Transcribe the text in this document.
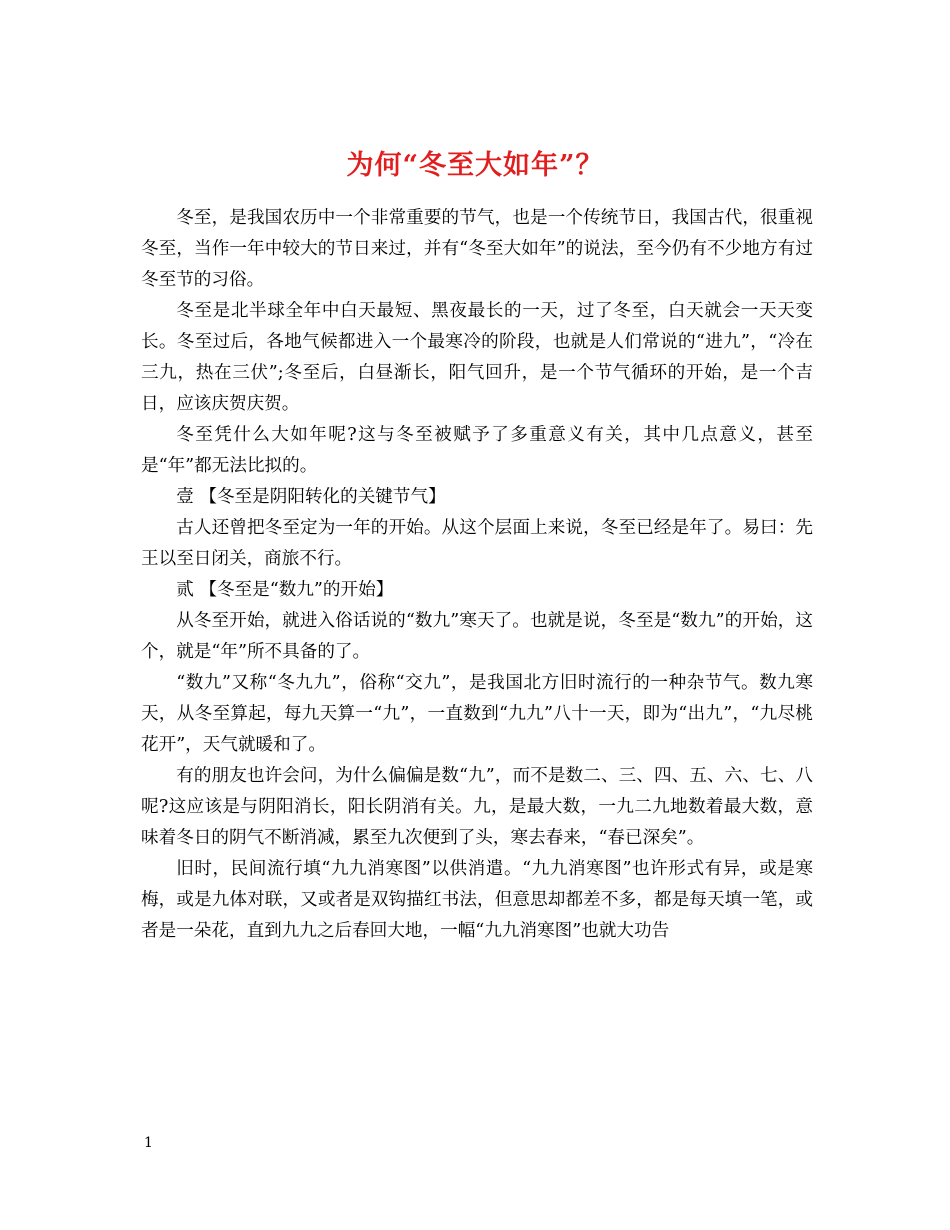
为何“冬至大如年”？

冬至，是我国农历中一个非常重要的节气，也是一个传统节日，我国古代，很重视冬至，当作一年中较大的节日来过，并有“冬至大如年”的说法，至今仍有不少地方有过冬至节的习俗。

冬至是北半球全年中白天最短、黑夜最长的一天，过了冬至，白天就会一天天变长。冬至过后，各地气候都进入一个最寒冷的阶段，也就是人们常说的“进九”，“冷在三九，热在三伏”;冬至后，白昼渐长，阳气回升，是一个节气循环的开始，是一个吉日，应该庆贺庆贺。

冬至凭什么大如年呢?这与冬至被赋予了多重意义有关，其中几点意义，甚至是“年”都无法比拟的。

壹 【冬至是阴阳转化的关键节气】

古人还曾把冬至定为一年的开始。从这个层面上来说，冬至已经是年了。易曰：先王以至日闭关，商旅不行。

贰 【冬至是“数九”的开始】

从冬至开始，就进入俗话说的“数九”寒天了。也就是说，冬至是“数九”的开始，这个，就是“年”所不具备的了。

“数九”又称“冬九九”，俗称“交九”，是我国北方旧时流行的一种杂节气。数九寒天，从冬至算起，每九天算一“九”，一直数到“九九”八十一天，即为“出九”，“九尽桃花开”，天气就暖和了。

有的朋友也许会问，为什么偏偏是数“九”，而不是数二、三、四、五、六、七、八呢?这应该是与阴阳消长，阳长阴消有关。九，是最大数，一九二九地数着最大数，意味着冬日的阴气不断消减，累至九次便到了头，寒去春来，“春已深矣”。

旧时，民间流行填“九九消寒图”以供消遣。“九九消寒图”也许形式有异，或是寒梅，或是九体对联，又或者是双钩描红书法，但意思却都差不多，都是每天填一笔，或者是一朵花，直到九九之后春回大地，一幅“九九消寒图”也就大功告

1
